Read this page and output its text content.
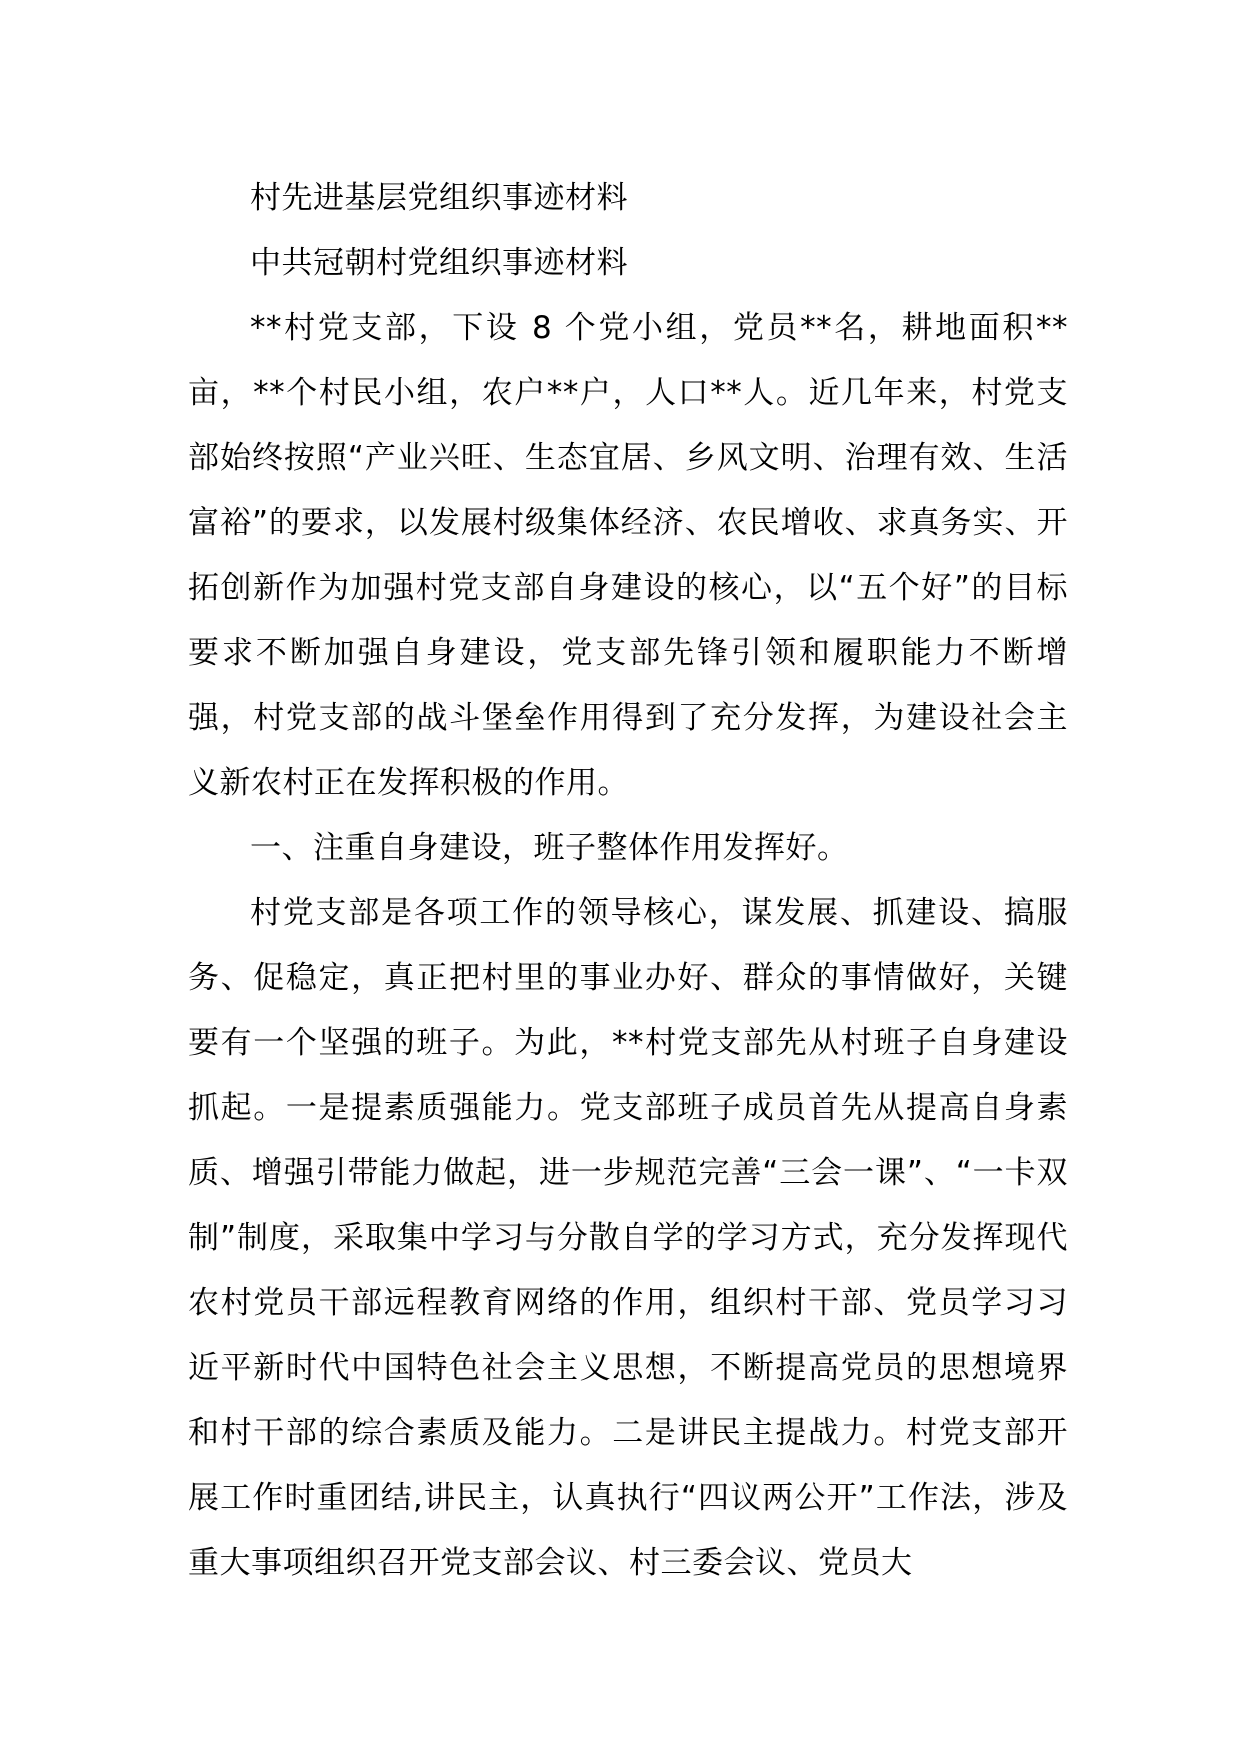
村先进基层党组织事迹材料

中共冠朝村党组织事迹材料

**村党支部，下设 8 个党小组，党员**名，耕地面积**亩，**个村民小组，农户**户，人口**人。近几年来，村党支部始终按照“产业兴旺、生态宜居、乡风文明、治理有效、生活富裕”的要求，以发展村级集体经济、农民增收、求真务实、开拓创新作为加强村党支部自身建设的核心，以“五个好”的目标要求不断加强自身建设，党支部先锋引领和履职能力不断增强，村党支部的战斗堡垒作用得到了充分发挥，为建设社会主义新农村正在发挥积极的作用。

一、注重自身建设，班子整体作用发挥好。

村党支部是各项工作的领导核心，谋发展、抓建设、搞服务、促稳定，真正把村里的事业办好、群众的事情做好，关键要有一个坚强的班子。为此，**村党支部先从村班子自身建设抓起。一是提素质强能力。党支部班子成员首先从提高自身素质、增强引带能力做起，进一步规范完善“三会一课”、“一卡双制”制度，采取集中学习与分散自学的学习方式，充分发挥现代农村党员干部远程教育网络的作用，组织村干部、党员学习习近平新时代中国特色社会主义思想，不断提高党员的思想境界和村干部的综合素质及能力。二是讲民主提战力。村党支部开展工作时重团结,讲民主，认真执行“四议两公开”工作法，涉及重大事项组织召开党支部会议、村三委会议、党员大
